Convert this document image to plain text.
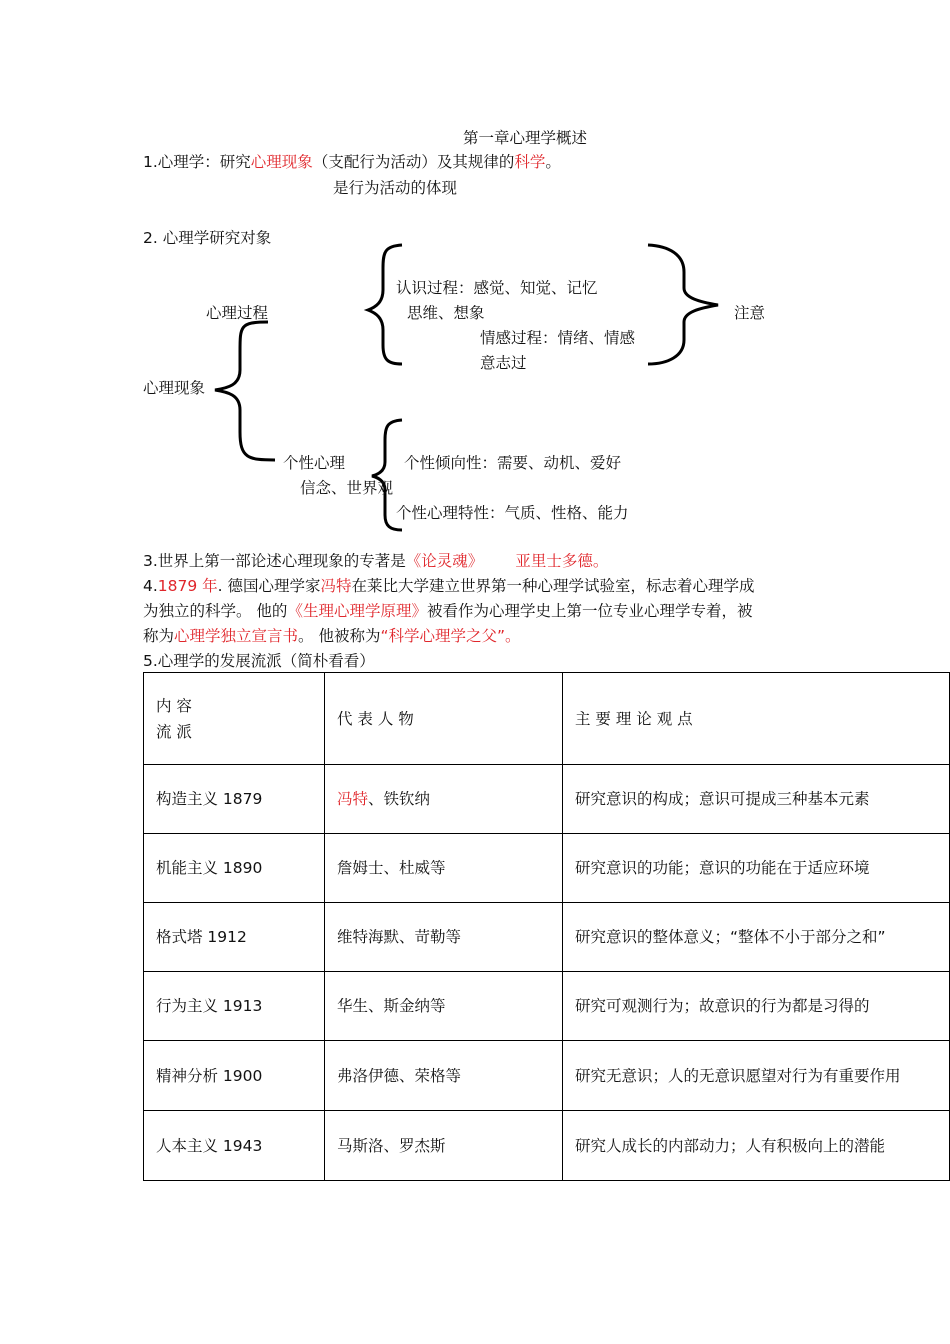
第一章心理学概述
1.心理学：研究心理现象（支配行为活动）及其规律的科学。
是行为活动的体现
2. 心理学研究对象
心理现象
心理过程
认识过程：感觉、知觉、记忆
思维、想象
情感过程：情绪、情感
意志过
注意
个性心理	个性倾向性：需要、动机、爱好
信念、世界观
个性心理特性：气质、性格、能力
3.世界上第一部论述心理现象的专著是《论灵魂》 亚里士多德。
4.1879 年. 德国心理学家冯特在莱比大学建立世界第一种心理学试验室，标志着心理学成
为独立的科学。 他的《生理心理学原理》被看作为心理学史上第一位专业心理学专着，被
称为心理学独立宣言书。 他被称为“科学心理学之父”。
5.心理学的发展流派（简朴看看）
内 容
流 派	代 表 人 物	主 要 理 论 观 点
构造主义 1879	冯特、铁钦纳	研究意识的构成；意识可提成三种基本元素
机能主义 1890	詹姆士、杜威等	研究意识的功能；意识的功能在于适应环境
格式塔 1912	维特海默、苛勒等	研究意识的整体意义；“整体不小于部分之和”
行为主义 1913	华生、斯金纳等	研究可观测行为；故意识的行为都是习得的
精神分析 1900	弗洛伊德、荣格等	研究无意识；人的无意识愿望对行为有重要作用
人本主义 1943	马斯洛、罗杰斯	研究人成长的内部动力；人有积极向上的潜能
